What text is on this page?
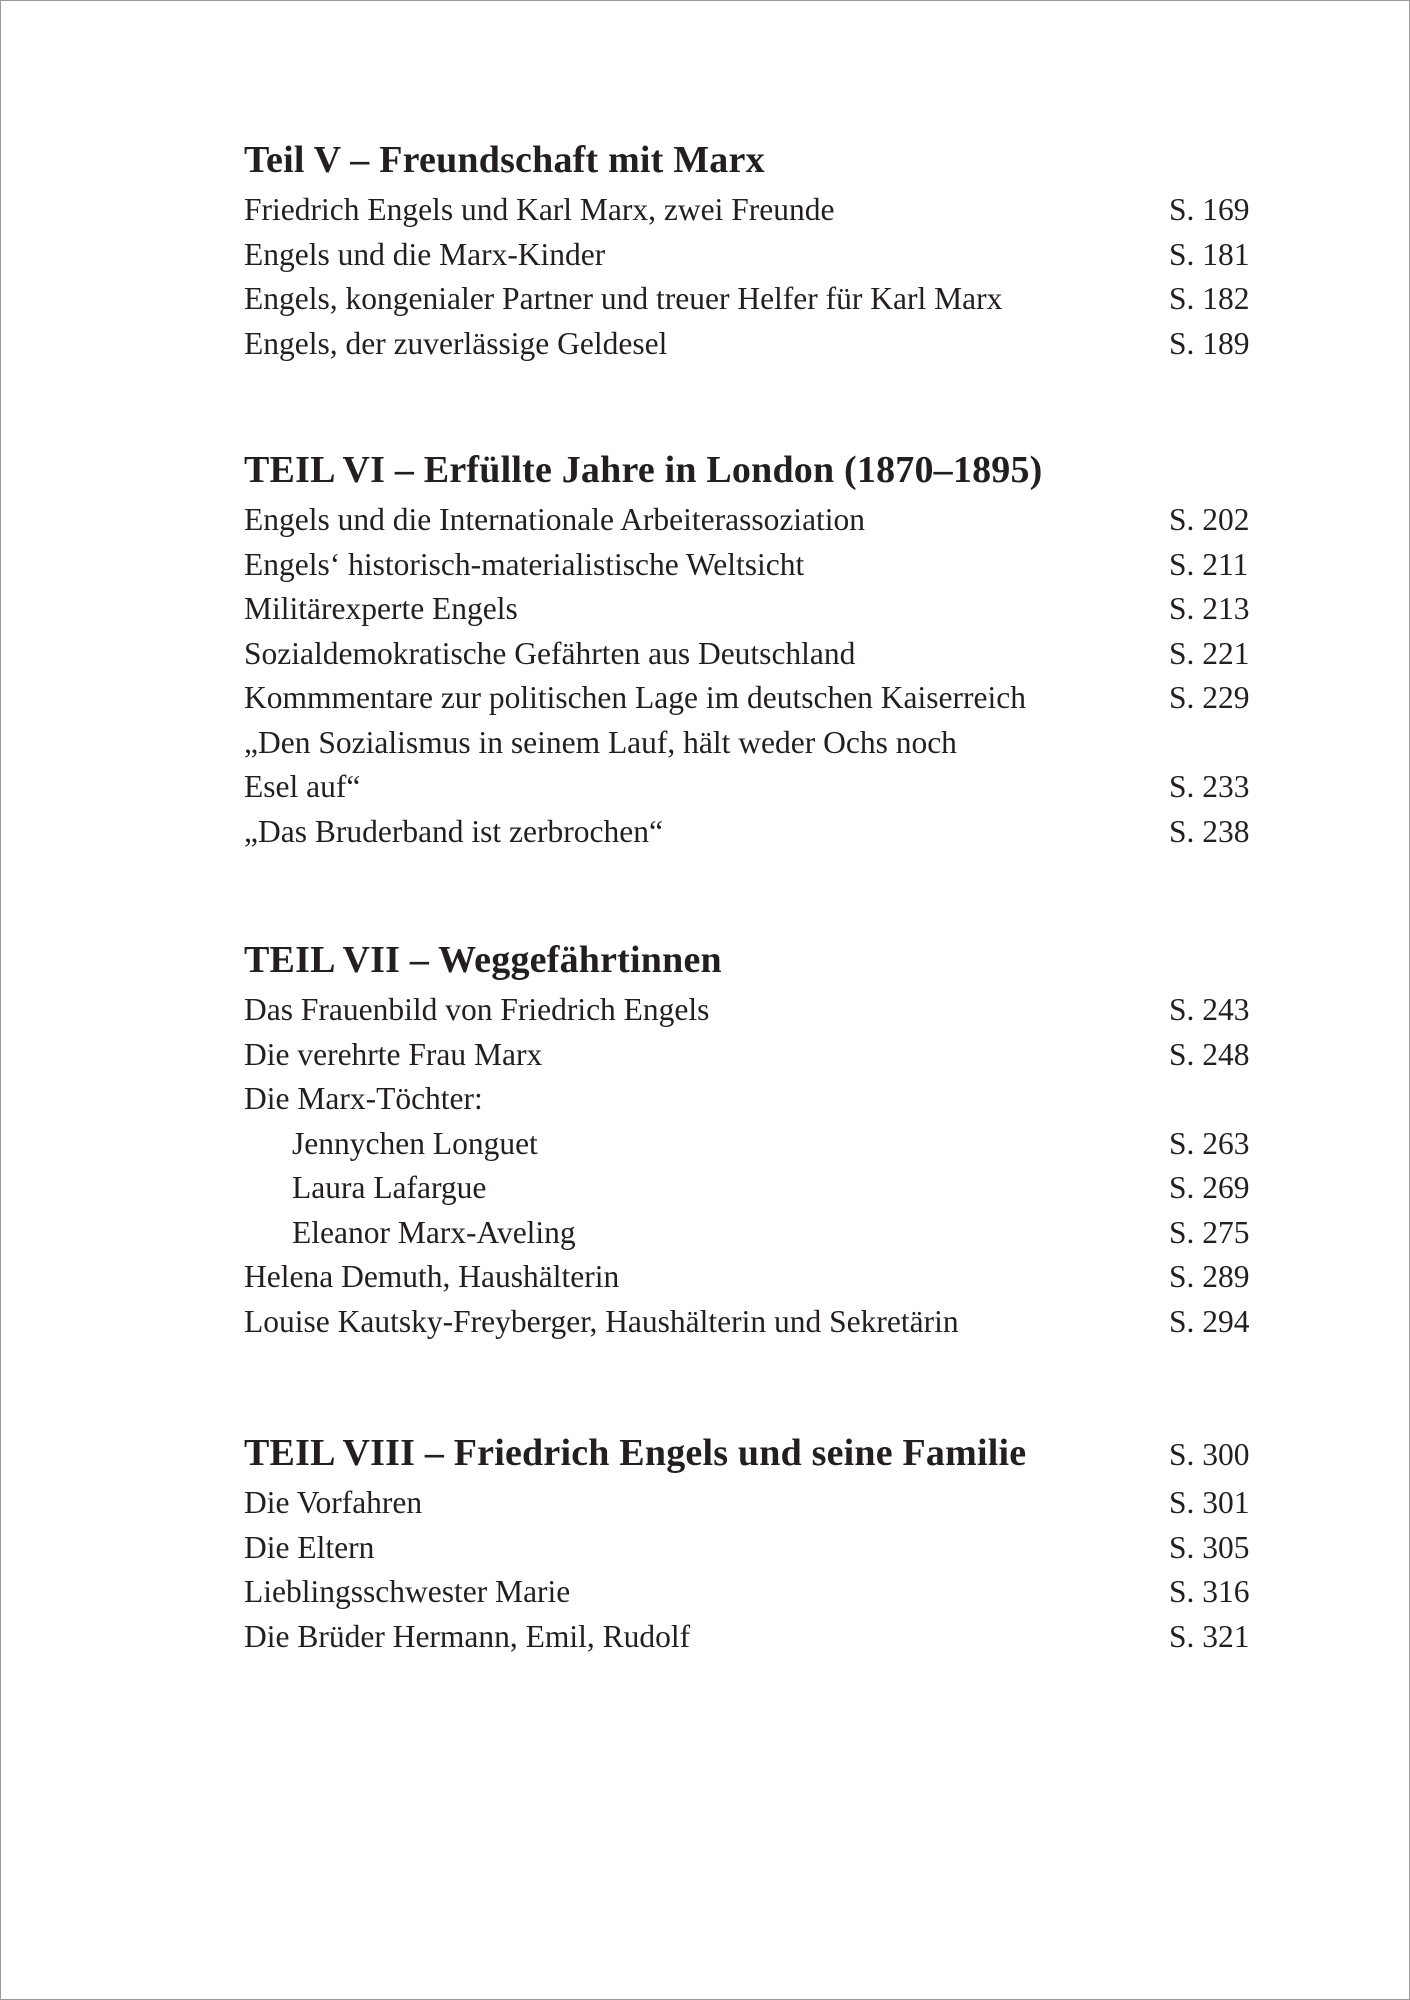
Teil V – Freundschaft mit Marx
Friedrich Engels und Karl Marx, zwei Freunde	S. 169
Engels und die Marx-Kinder	S. 181
Engels, kongenialer Partner und treuer Helfer für Karl Marx	S. 182
Engels, der zuverlässige Geldesel	S. 189
TEIL VI – Erfüllte Jahre in London (1870–1895)
Engels und die Internationale Arbeiterassoziation	S. 202
Engels‘ historisch-materialistische Weltsicht	S. 211
Militärexperte Engels	S. 213
Sozialdemokratische Gefährten aus Deutschland	S. 221
Kommmentare zur politischen Lage im deutschen Kaiserreich	S. 229
„Den Sozialismus in seinem Lauf, hält weder Ochs noch
Esel auf“	S. 233
„Das Bruderband ist zerbrochen“	S. 238
TEIL VII – Weggefährtinnen
Das Frauenbild von Friedrich Engels	S. 243
Die verehrte Frau Marx	S. 248
Die Marx-Töchter:
Jennychen Longuet	S. 263
Laura Lafargue	S. 269
Eleanor Marx-Aveling	S. 275
Helena Demuth, Haushälterin	S. 289
Louise Kautsky-Freyberger, Haushälterin und Sekretärin	S. 294
TEIL VIII – Friedrich Engels und seine Familie	S. 300
Die Vorfahren	S. 301
Die Eltern	S. 305
Lieblingsschwester Marie	S. 316
Die Brüder Hermann, Emil, Rudolf	S. 321
